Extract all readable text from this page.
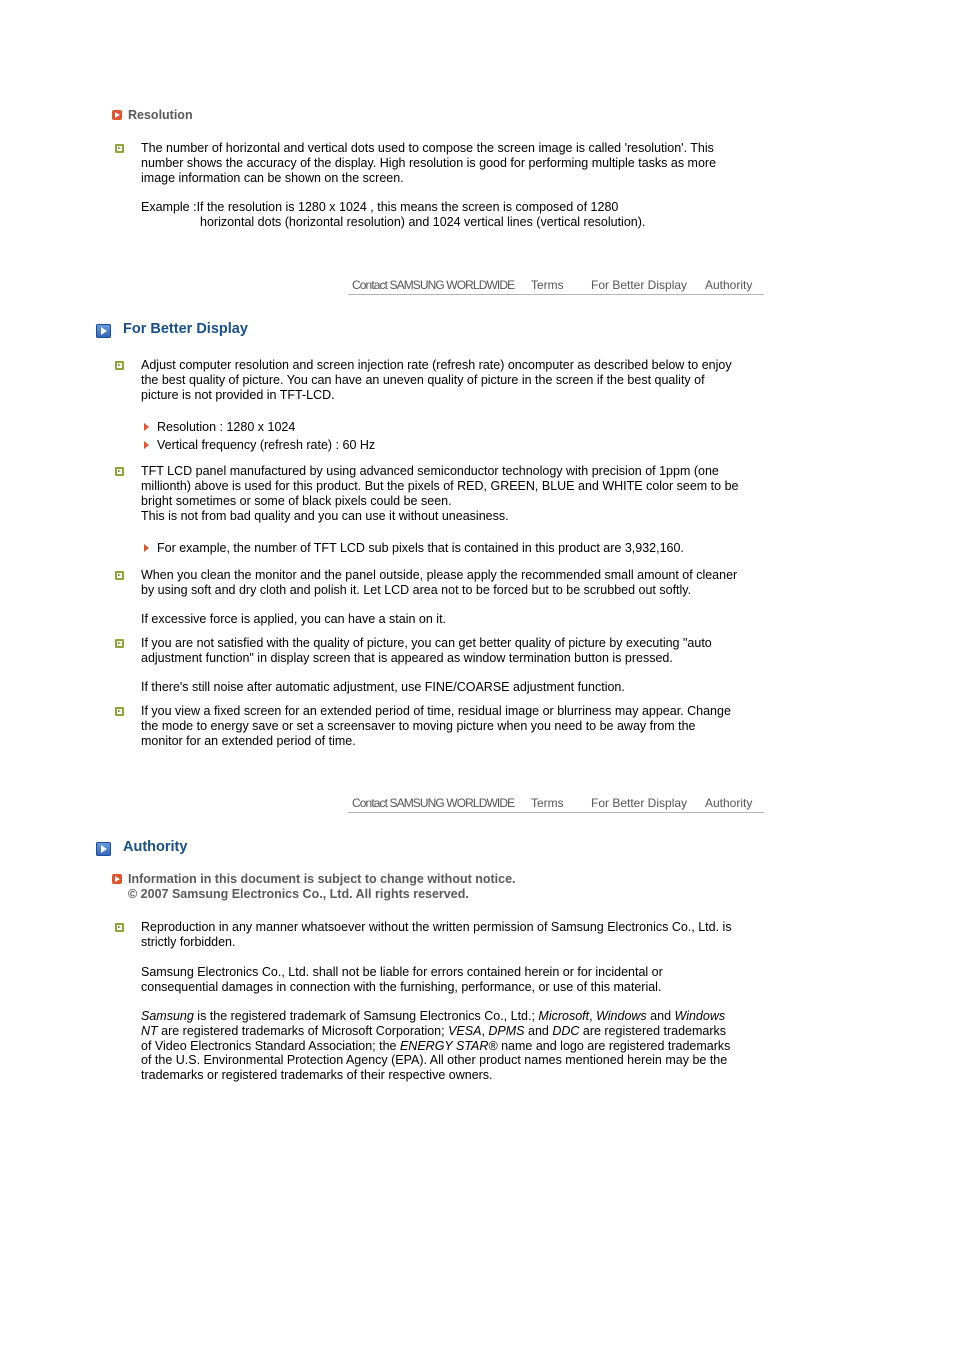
Resolution

The number of horizontal and vertical dots used to compose the screen image is called 'resolution'. This number shows the accuracy of the display. High resolution is good for performing multiple tasks as more image information can be shown on the screen.

Example :If the resolution is 1280 x 1024 , this means the screen is composed of 1280

horizontal dots (horizontal resolution) and 1024 vertical lines (vertical resolution).

Contact SAMSUNG WORLDWIDE Terms For Better Display Authority
For Better Display

Adjust computer resolution and screen injection rate (refresh rate) oncomputer as described below to enjoy the best quality of picture. You can have an uneven quality of picture in the screen if the best quality of picture is not provided in TFT-LCD.

Resolution : 1280 x 1024

Vertical frequency (refresh rate) : 60 Hz

TFT LCD panel manufactured by using advanced semiconductor technology with precision of 1ppm (one millionth) above is used for this product. But the pixels of RED, GREEN, BLUE and WHITE color seem to be bright sometimes or some of black pixels could be seen.

This is not from bad quality and you can use it without uneasiness.

For example, the number of TFT LCD sub pixels that is contained in this product are 3,932,160.

When you clean the monitor and the panel outside, please apply the recommended small amount of cleaner by using soft and dry cloth and polish it. Let LCD area not to be forced but to be scrubbed out softly.

If excessive force is applied, you can have a stain on it.

If you are not satisfied with the quality of picture, you can get better quality of picture by executing "auto adjustment function" in display screen that is appeared as window termination button is pressed.

If there's still noise after automatic adjustment, use FINE/COARSE adjustment function.

If you view a fixed screen for an extended period of time, residual image or blurriness may appear. Change the mode to energy save or set a screensaver to moving picture when you need to be away from the monitor for an extended period of time.

Contact SAMSUNG WORLDWIDE Terms For Better Display Authority
Authority
Information in this document is subject to change without notice.
© 2007 Samsung Electronics Co., Ltd. All rights reserved.

Reproduction in any manner whatsoever without the written permission of Samsung Electronics Co., Ltd. is strictly forbidden.

Samsung Electronics Co., Ltd. shall not be liable for errors contained herein or for incidental or consequential damages in connection with the furnishing, performance, or use of this material.

Samsung is the registered trademark of Samsung Electronics Co., Ltd.; Microsoft, Windows and Windows NT are registered trademarks of Microsoft Corporation; VESA, DPMS and DDC are registered trademarks of Video Electronics Standard Association; the ENERGY STAR® name and logo are registered trademarks of the U.S. Environmental Protection Agency (EPA). All other product names mentioned herein may be the trademarks or registered trademarks of their respective owners.
